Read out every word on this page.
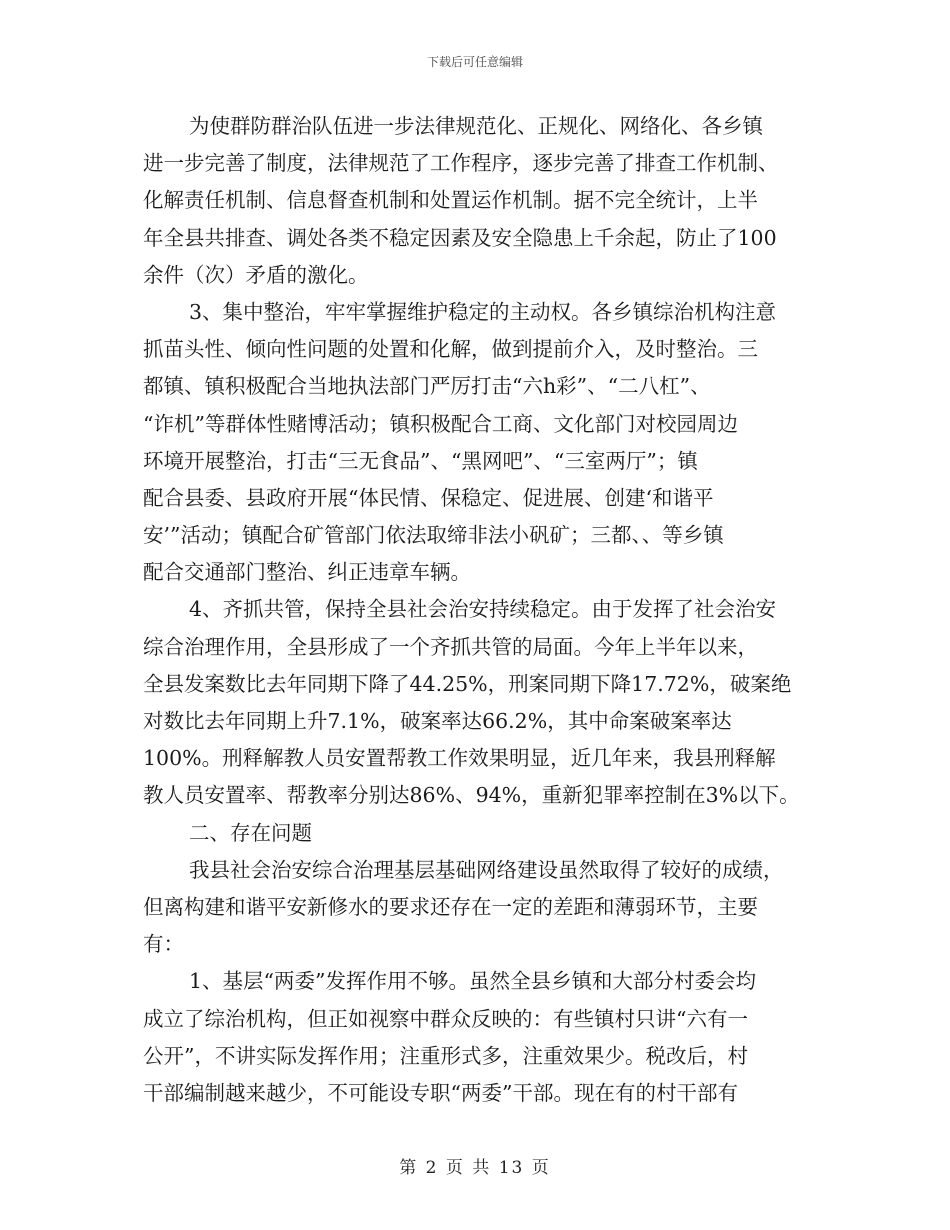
下载后可任意编辑
为使群防群治队伍进一步法律规范化、正规化、网络化、各乡镇
进一步完善了制度，法律规范了工作程序，逐步完善了排查工作机制、
化解责任机制、信息督查机制和处置运作机制。据不完全统计，上半
年全县共排查、调处各类不稳定因素及安全隐患上千余起，防止了100
余件（次）矛盾的激化。
3、集中整治，牢牢掌握维护稳定的主动权。各乡镇综治机构注意
抓苗头性、倾向性问题的处置和化解，做到提前介入，及时整治。三
都镇、镇积极配合当地执法部门严厉打击“六h彩”、“二八杠”、
“诈机”等群体性赌博活动；镇积极配合工商、文化部门对校园周边
环境开展整治，打击“三无食品”、“黑网吧”、“三室两厅”；镇
配合县委、县政府开展“体民情、保稳定、促进展、创建‘和谐平
安’”活动；镇配合矿管部门依法取缔非法小矾矿；三都、、等乡镇
配合交通部门整治、纠正违章车辆。
4、齐抓共管，保持全县社会治安持续稳定。由于发挥了社会治安
综合治理作用，全县形成了一个齐抓共管的局面。今年上半年以来，
全县发案数比去年同期下降了44.25%，刑案同期下降17.72%，破案绝
对数比去年同期上升7.1%，破案率达66.2%，其中命案破案率达
100%。刑释解教人员安置帮教工作效果明显，近几年来，我县刑释解
教人员安置率、帮教率分别达86%、94%，重新犯罪率控制在3%以下。
二、存在问题
我县社会治安综合治理基层基础网络建设虽然取得了较好的成绩，
但离构建和谐平安新修水的要求还存在一定的差距和薄弱环节，主要
有：
1、基层“两委”发挥作用不够。虽然全县乡镇和大部分村委会均
成立了综治机构，但正如视察中群众反映的：有些镇村只讲“六有一
公开”，不讲实际发挥作用；注重形式多，注重效果少。税改后，村
干部编制越来越少，不可能设专职“两委”干部。现在有的村干部有
第 2 页 共 13 页
